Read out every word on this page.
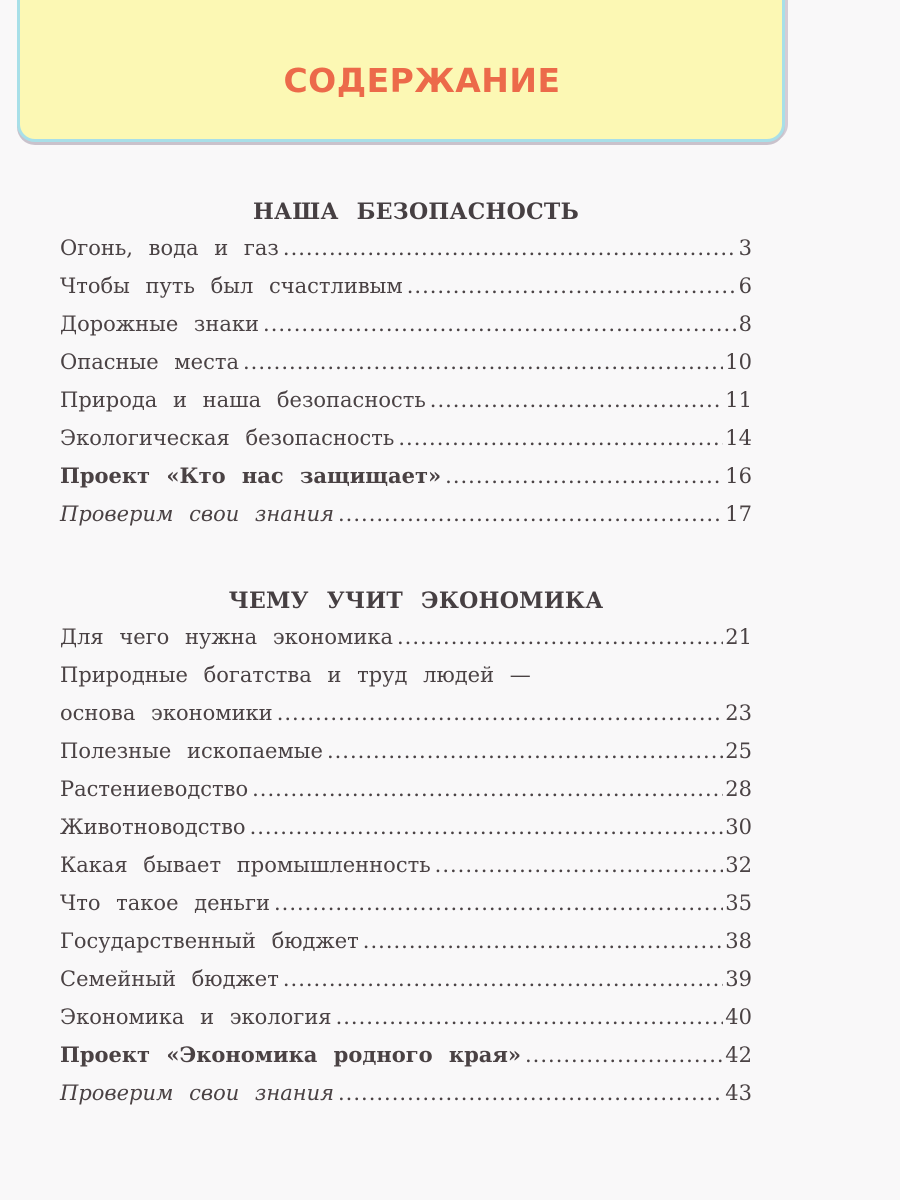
СОДЕРЖАНИЕ
НАША БЕЗОПАСНОСТЬ
Огонь, вода и газ .....	3
Чтобы путь был счастливым .....	6
Дорожные знаки .....	8
Опасные места .....	10
Природа и наша безопасность .....	11
Экологическая безопасность .....	14
Проект «Кто нас защищает» .....	16
Проверим свои знания .....	17
ЧЕМУ УЧИТ ЭКОНОМИКА
Для чего нужна экономика .....	21
Природные богатства и труд людей —
основа экономики .....	23
Полезные ископаемые .....	25
Растениеводство .....	28
Животноводство .....	30
Какая бывает промышленность .....	32
Что такое деньги .....	35
Государственный бюджет .....	38
Семейный бюджет .....	39
Экономика и экология .....	40
Проект «Экономика родного края» .....	42
Проверим свои знания .....	43
